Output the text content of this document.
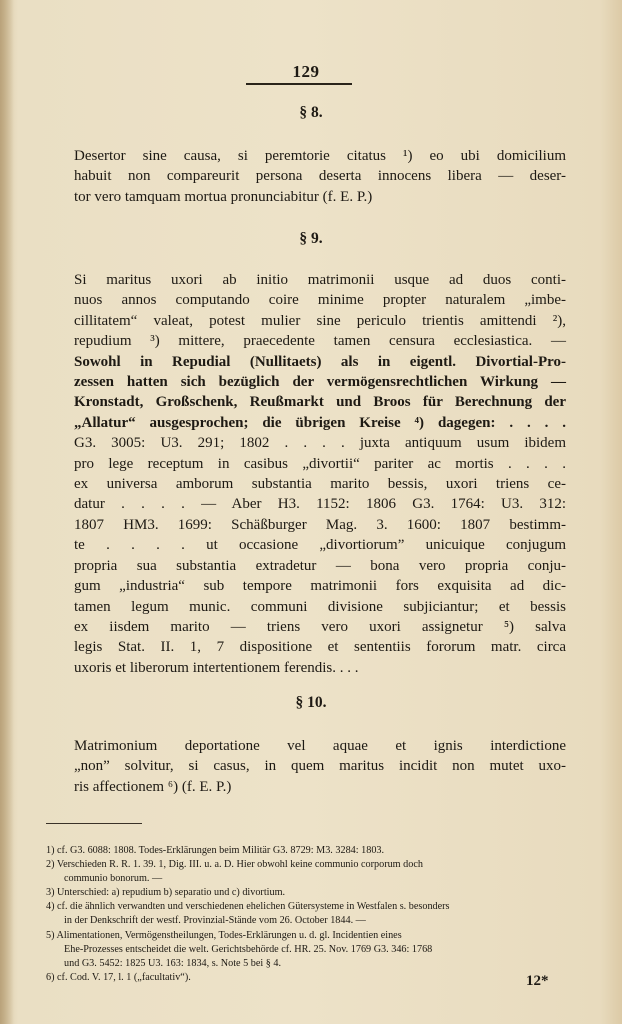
129
§ 8.
Desertor sine causa, si peremtorie citatus ¹) eo ubi domicilium
habuit non compareurit persona deserta innocens libera — deser-
tor vero tamquam mortua pronunciabitur (f. E. P.)
§ 9.
Si maritus uxori ab initio matrimonii usque ad duos conti-
nuos annos computando coire minime propter naturalem „imbe-
cillitatem“ valeat, potest mulier sine periculo trientis amittendi ²),
repudium ³) mittere, praecedente tamen censura ecclesiastica. —
Sowohl in Repudial (Nullitaets) als in eigentl. Divortial-Pro-
zessen hatten sich bezüglich der vermögensrechtlichen Wirkung —
Kronstadt, Großschenk, Reußmarkt und Broos für Berechnung der
„Allatur“ ausgesprochen; die übrigen Kreise ⁴) dagegen: . . . .
G3. 3005: U3. 291; 1802 . . . . juxta antiquum usum ibidem
pro lege receptum in casibus „divortii“ pariter ac mortis . . . .
ex universa amborum substantia marito bessis, uxori triens ce-
datur . . . . — Aber H3. 1152: 1806 G3. 1764: U3. 312:
1807 HM3. 1699: Schäßburger Mag. 3. 1600: 1807 bestimm-
te . . . . ut occasione „divortiorum” unicuique conjugum
propria sua substantia extradetur — bona vero propria conju-
gum „industria“ sub tempore matrimonii fors exquisita ad dic-
tamen legum munic. communi divisione subjiciantur; et bessis
ex iisdem marito — triens vero uxori assignetur ⁵) salva
legis Stat. II. 1, 7 dispositione et sententiis fororum matr. circa
uxoris et liberorum intertentionem ferendis. . . .
§ 10.
Matrimonium deportatione vel aquae et ignis interdictione
„non” solvitur, si casus, in quem maritus incidit non mutet uxo-
ris affectionem ⁶) (f. E. P.)
1) cf. G3. 6088: 1808. Todes-Erklärungen beim Militär G3. 8729: M3. 3284: 1803.
2) Verschieden R. R. 1. 39. 1, Dig. III. u. a. D. Hier obwohl keine communio corporum doch
communio bonorum. —
3) Unterschied: a) repudium b) separatio und c) divortium.
4) cf. die ähnlich verwandten und verschiedenen ehelichen Gütersysteme in Westfalen s. besonders
in der Denkschrift der westf. Provinzial-Stände vom 26. October 1844. —
5) Alimentationen, Vermögenstheilungen, Todes-Erklärungen u. d. gl. Incidentien eines
Ehe-Prozesses entscheidet die welt. Gerichtsbehörde cf. HR. 25. Nov. 1769 G3. 346: 1768
und G3. 5452: 1825 U3. 163: 1834, s. Note 5 bei § 4.
6) cf. Cod. V. 17, l. 1 („facultativ“).	12*
